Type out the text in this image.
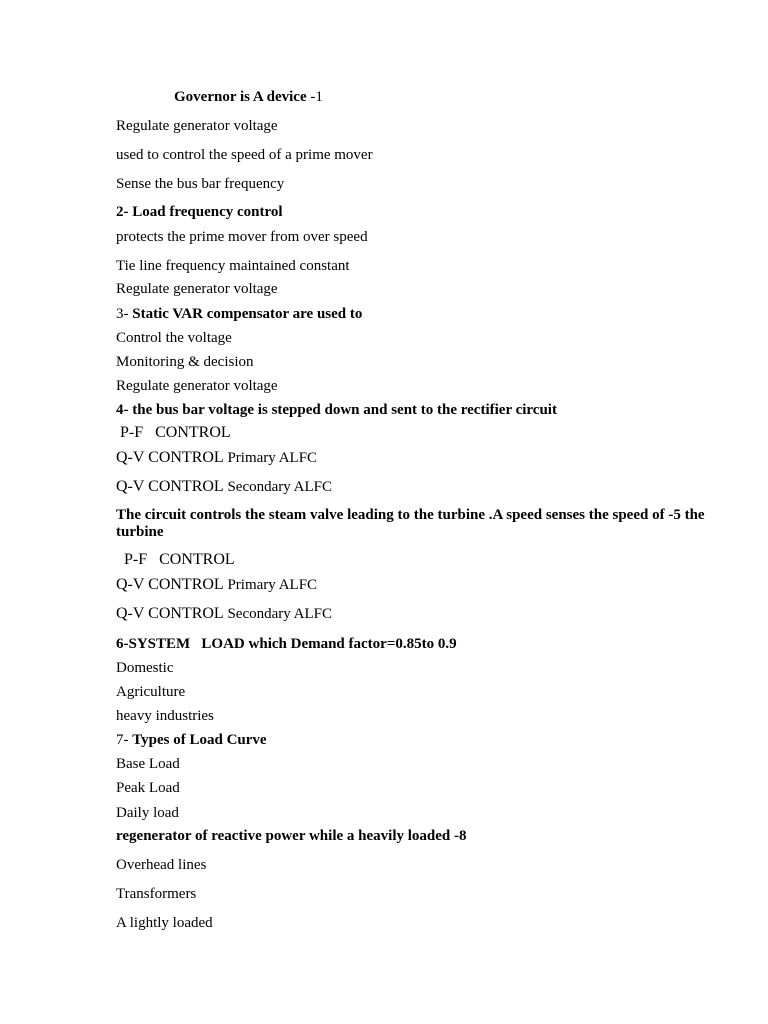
Governor is A device -1
Regulate generator voltage
used to control the speed of a prime mover
Sense the bus bar frequency
2- Load frequency control
protects the prime mover from over speed
Tie line frequency maintained constant
Regulate generator voltage
3- Static VAR compensator are used to
Control the voltage
Monitoring & decision
Regulate generator voltage
4- the bus bar voltage is stepped down and sent to the rectifier circuit
P-F   CONTROL
Q-V CONTROL Primary ALFC
Q-V CONTROL Secondary ALFC
The circuit controls the steam valve leading to the turbine .A speed senses the speed of -5 the turbine
P-F   CONTROL
Q-V CONTROL Primary ALFC
Q-V CONTROL Secondary ALFC
6-SYSTEM   LOAD which Demand factor=0.85to 0.9
Domestic
Agriculture
heavy industries
7- Types of Load Curve
Base Load
Peak Load
Daily load
regenerator of reactive power while a heavily loaded -8
Overhead lines
Transformers
A lightly loaded
